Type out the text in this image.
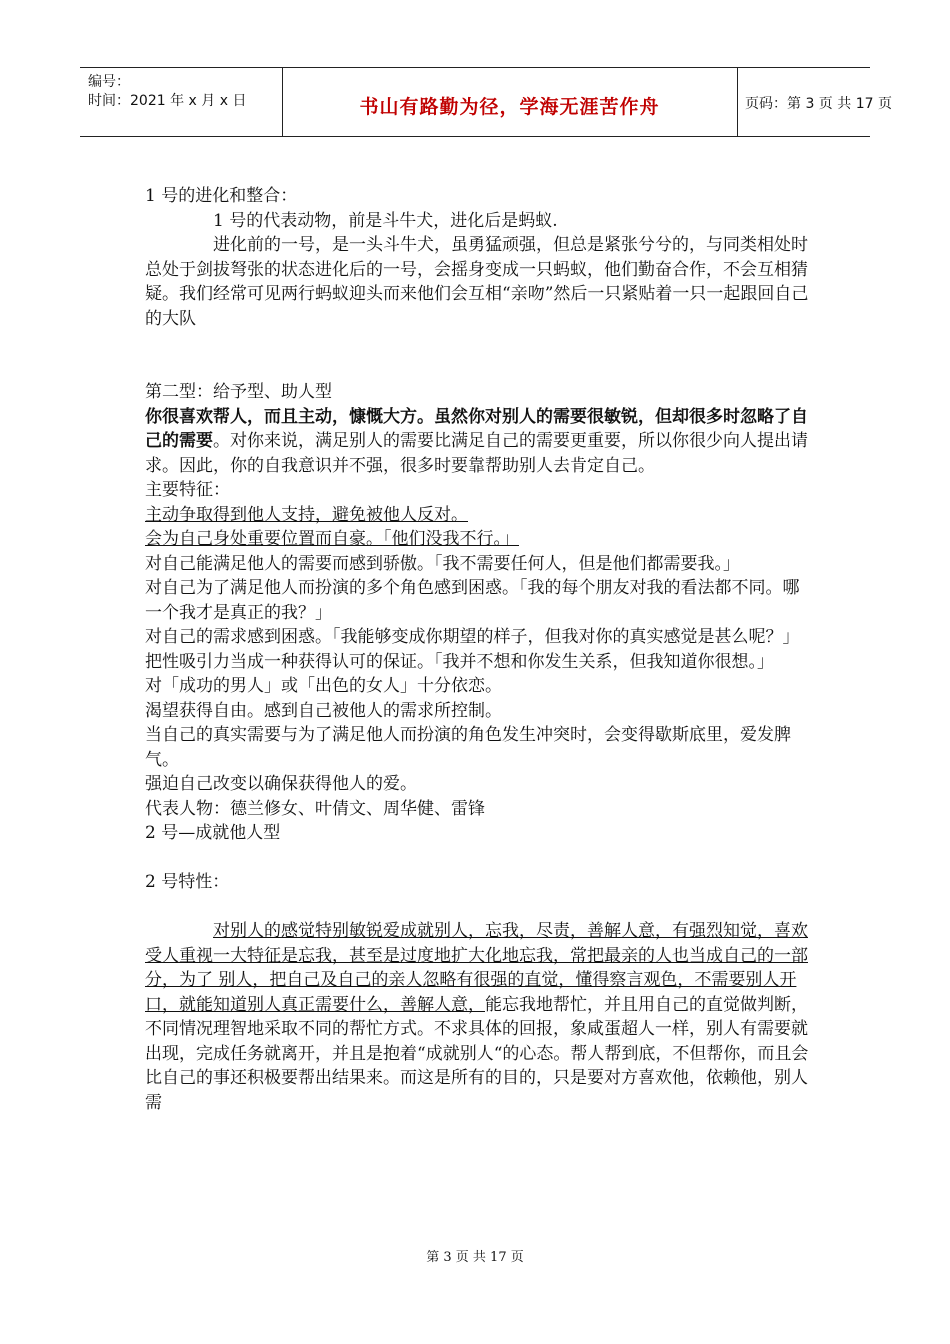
编号：
时间：2021 年 x 月 x 日	书山有路勤为径，学海无涯苦作舟	页码：第 3 页 共 17 页

1 号的进化和整合：

1 号的代表动物，前是斗牛犬，进化后是蚂蚁.

进化前的一号，是一头斗牛犬，虽勇猛顽强，但总是紧张兮兮的，与同类相处时总处于剑拔弩张的状态进化后的一号，会摇身变成一只蚂蚁，他们勤奋合作，不会互相猜疑。我们经常可见两行蚂蚁迎头而来他们会互相“亲吻”然后一只紧贴着一只一起跟回自己的大队

第二型：给予型、助人型

你很喜欢帮人，而且主动，慷慨大方。虽然你对别人的需要很敏锐，但却很多时忽略了自己的需要。对你来说，满足别人的需要比满足自己的需要更重要，所以你很少向人提出请求。因此，你的自我意识并不强，很多时要靠帮助别人去肯定自己。

主要特征：

主动争取得到他人支持，避免被他人反对。

会为自己身处重要位置而自豪。「他们没我不行。」

对自己能满足他人的需要而感到骄傲。「我不需要任何人，但是他们都需要我。」

对自己为了满足他人而扮演的多个角色感到困惑。「我的每个朋友对我的看法都不同。哪一个我才是真正的我？」

对自己的需求感到困惑。「我能够变成你期望的样子，但我对你的真实感觉是甚么呢？」

把性吸引力当成一种获得认可的保证。「我并不想和你发生关系，但我知道你很想。」

对「成功的男人」或「出色的女人」十分依恋。

渴望获得自由。感到自己被他人的需求所控制。

当自己的真实需要与为了满足他人而扮演的角色发生冲突时，会变得歇斯底里，爱发脾气。

强迫自己改变以确保获得他人的爱。

代表人物：德兰修女、叶倩文、周华健、雷锋

2 号—成就他人型

2 号特性：

对别人的感觉特别敏锐爱成就别人，忘我，尽责，善解人意，有强烈知觉，喜欢受人重视一大特征是忘我，甚至是过度地扩大化地忘我，常把最亲的人也当成自己的一部分，为了 别人，把自己及自己的亲人忽略有很强的直觉，懂得察言观色，不需要别人开口，就能知道别人真正需要什么，善解人意，能忘我地帮忙，并且用自己的直觉做判断，不同情况理智地采取不同的帮忙方式。不求具体的回报，象咸蛋超人一样，别人有需要就出现，完成任务就离开，并且是抱着“成就别人“的心态。帮人帮到底，不但帮你，而且会比自己的事还积极要帮出结果来。而这是所有的目的，只是要对方喜欢他，依赖他，别人需

第 3 页 共 17 页
